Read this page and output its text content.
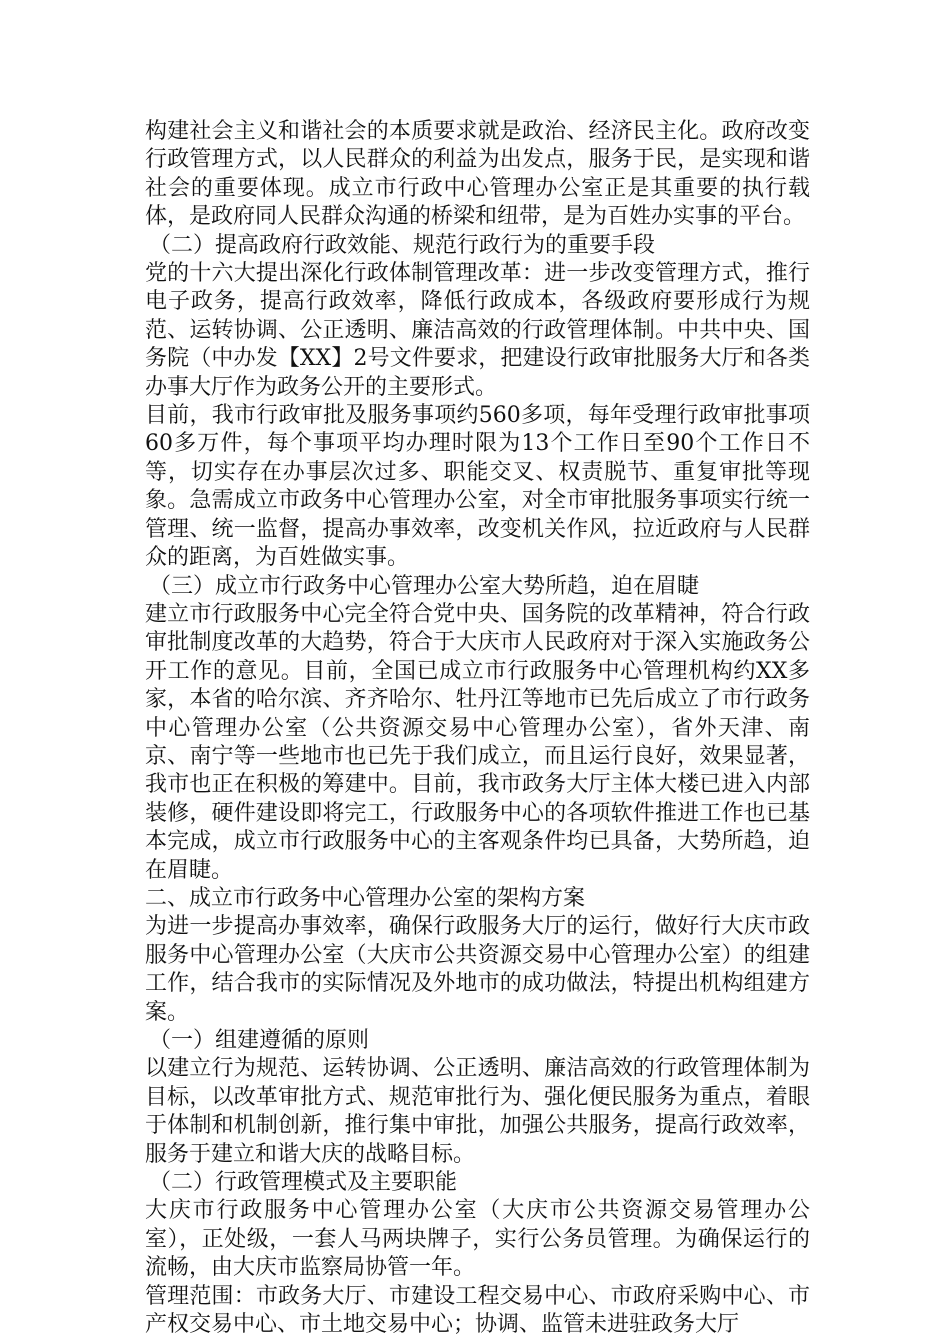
构建社会主义和谐社会的本质要求就是政治、经济民主化。政府改变行政管理方式，以人民群众的利益为出发点，服务于民，是实现和谐社会的重要体现。成立市行政中心管理办公室正是其重要的执行载体，是政府同人民群众沟通的桥梁和纽带，是为百姓办实事的平台。

（二）提高政府行政效能、规范行政行为的重要手段

党的十六大提出深化行政体制管理改革：进一步改变管理方式，推行电子政务，提高行政效率，降低行政成本，各级政府要形成行为规范、运转协调、公正透明、廉洁高效的行政管理体制。中共中央、国务院（中办发【XX】2号文件要求，把建设行政审批服务大厅和各类办事大厅作为政务公开的主要形式。

目前，我市行政审批及服务事项约560多项，每年受理行政审批事项60多万件，每个事项平均办理时限为13个工作日至90个工作日不等，切实存在办事层次过多、职能交叉、权责脱节、重复审批等现象。急需成立市政务中心管理办公室，对全市审批服务事项实行统一管理、统一监督，提高办事效率，改变机关作风，拉近政府与人民群众的距离，为百姓做实事。

（三）成立市行政务中心管理办公室大势所趋，迫在眉睫

建立市行政服务中心完全符合党中央、国务院的改革精神，符合行政审批制度改革的大趋势，符合于大庆市人民政府对于深入实施政务公开工作的意见。目前，全国已成立市行政服务中心管理机构约XX多家，本省的哈尔滨、齐齐哈尔、牡丹江等地市已先后成立了市行政务中心管理办公室（公共资源交易中心管理办公室），省外天津、南京、南宁等一些地市也已先于我们成立，而且运行良好，效果显著，我市也正在积极的筹建中。目前，我市政务大厅主体大楼已进入内部装修，硬件建设即将完工，行政服务中心的各项软件推进工作也已基本完成，成立市行政服务中心的主客观条件均已具备，大势所趋，迫在眉睫。

二、成立市行政务中心管理办公室的架构方案

为进一步提高办事效率，确保行政服务大厅的运行，做好行大庆市政服务中心管理办公室（大庆市公共资源交易中心管理办公室）的组建工作，结合我市的实际情况及外地市的成功做法，特提出机构组建方案。

（一）组建遵循的原则

以建立行为规范、运转协调、公正透明、廉洁高效的行政管理体制为目标，以改革审批方式、规范审批行为、强化便民服务为重点，着眼于体制和机制创新，推行集中审批，加强公共服务，提高行政效率，服务于建立和谐大庆的战略目标。

（二）行政管理模式及主要职能

大庆市行政服务中心管理办公室（大庆市公共资源交易管理办公室），正处级，一套人马两块牌子，实行公务员管理。为确保运行的流畅，由大庆市监察局协管一年。

管理范围：市政务大厅、市建设工程交易中心、市政府采购中心、市产权交易中心、市土地交易中心；协调、监管未进驻政务大厅
